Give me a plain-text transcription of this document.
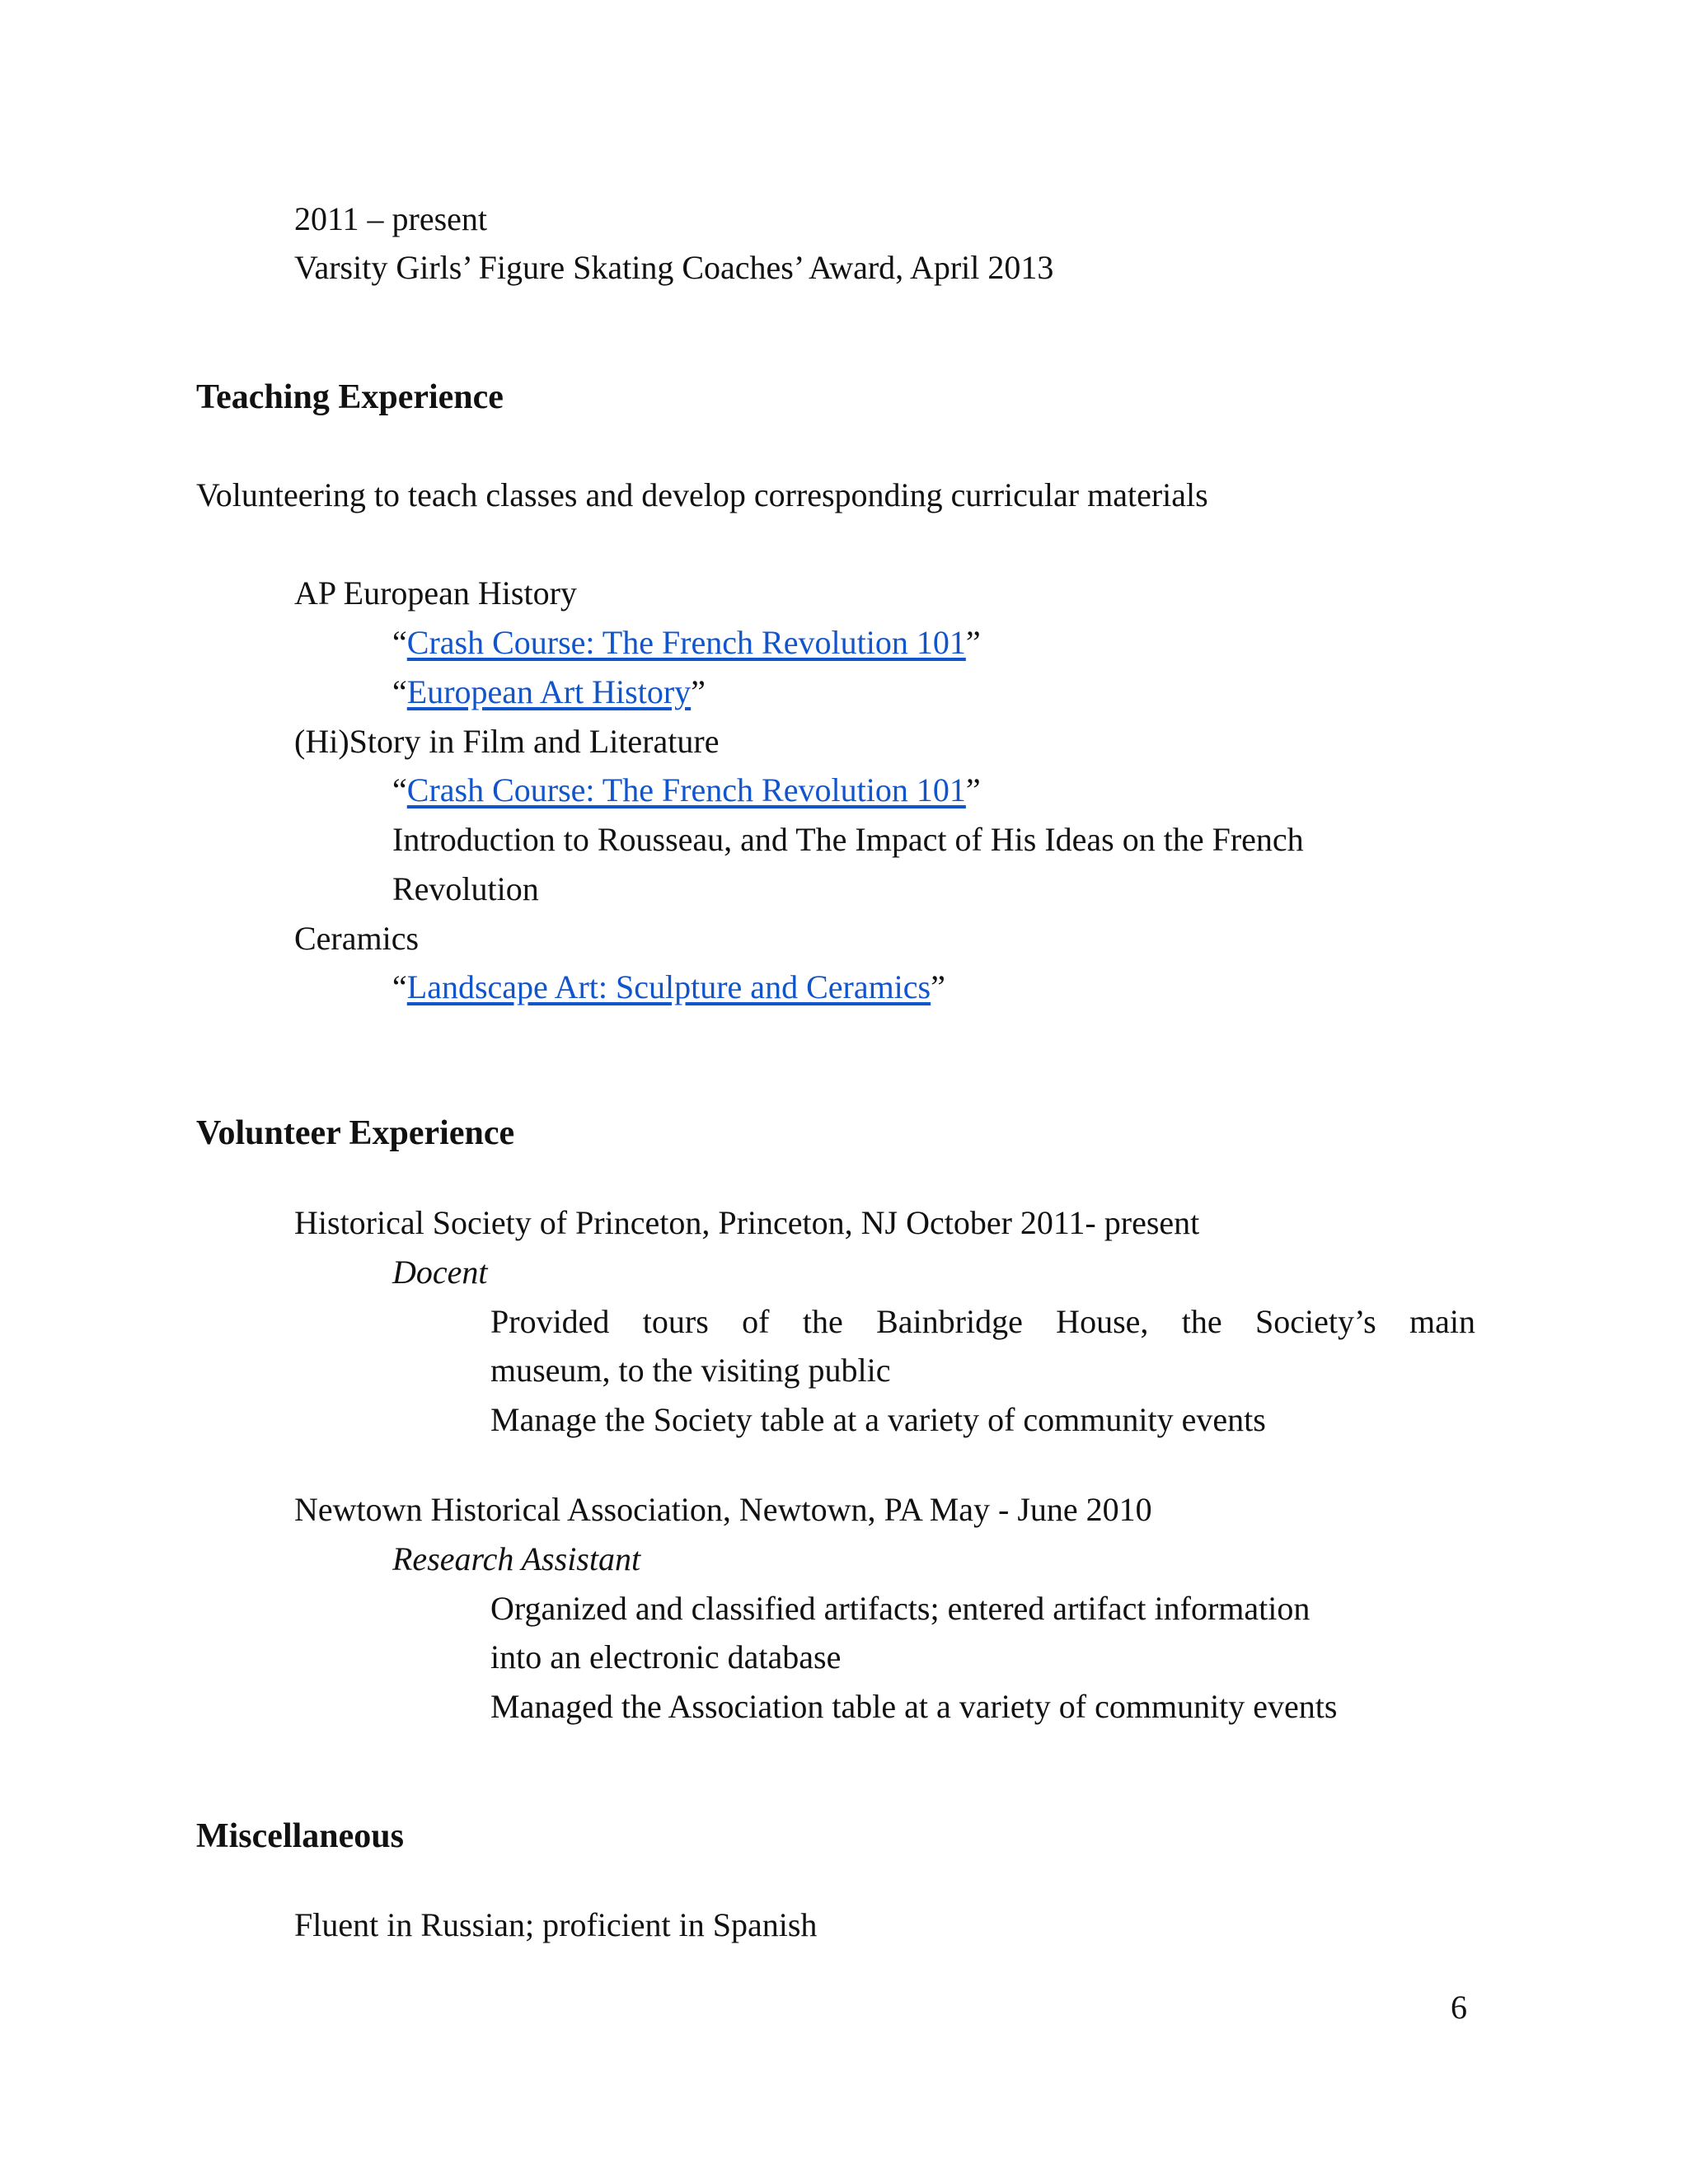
2011 – present

Varsity Girls’ Figure Skating Coaches’ Award, April 2013

Teaching Experience

Volunteering to teach classes and develop corresponding curricular materials

Volunteer Experience

Miscellaneous

Fluent in Russian; proficient in Spanish

6

AP European History

“Crash Course: The French Revolution 101”

“European Art History”

(Hi)Story in Film and Literature

“Crash Course: The French Revolution 101”

Introduction to Rousseau, and The Impact of His Ideas on the French

Revolution

Ceramics

“Landscape Art: Sculpture and Ceramics”

Historical Society of Princeton, Princeton, NJ October 2011- present

Docent

Provided tours of the Bainbridge House, the Society’s main

museum, to the visiting public

Manage the Society table at a variety of community events

Newtown Historical Association, Newtown, PA May - June 2010

Research Assistant

Organized and classified artifacts; entered artifact information

into an electronic database

Managed the Association table at a variety of community events
